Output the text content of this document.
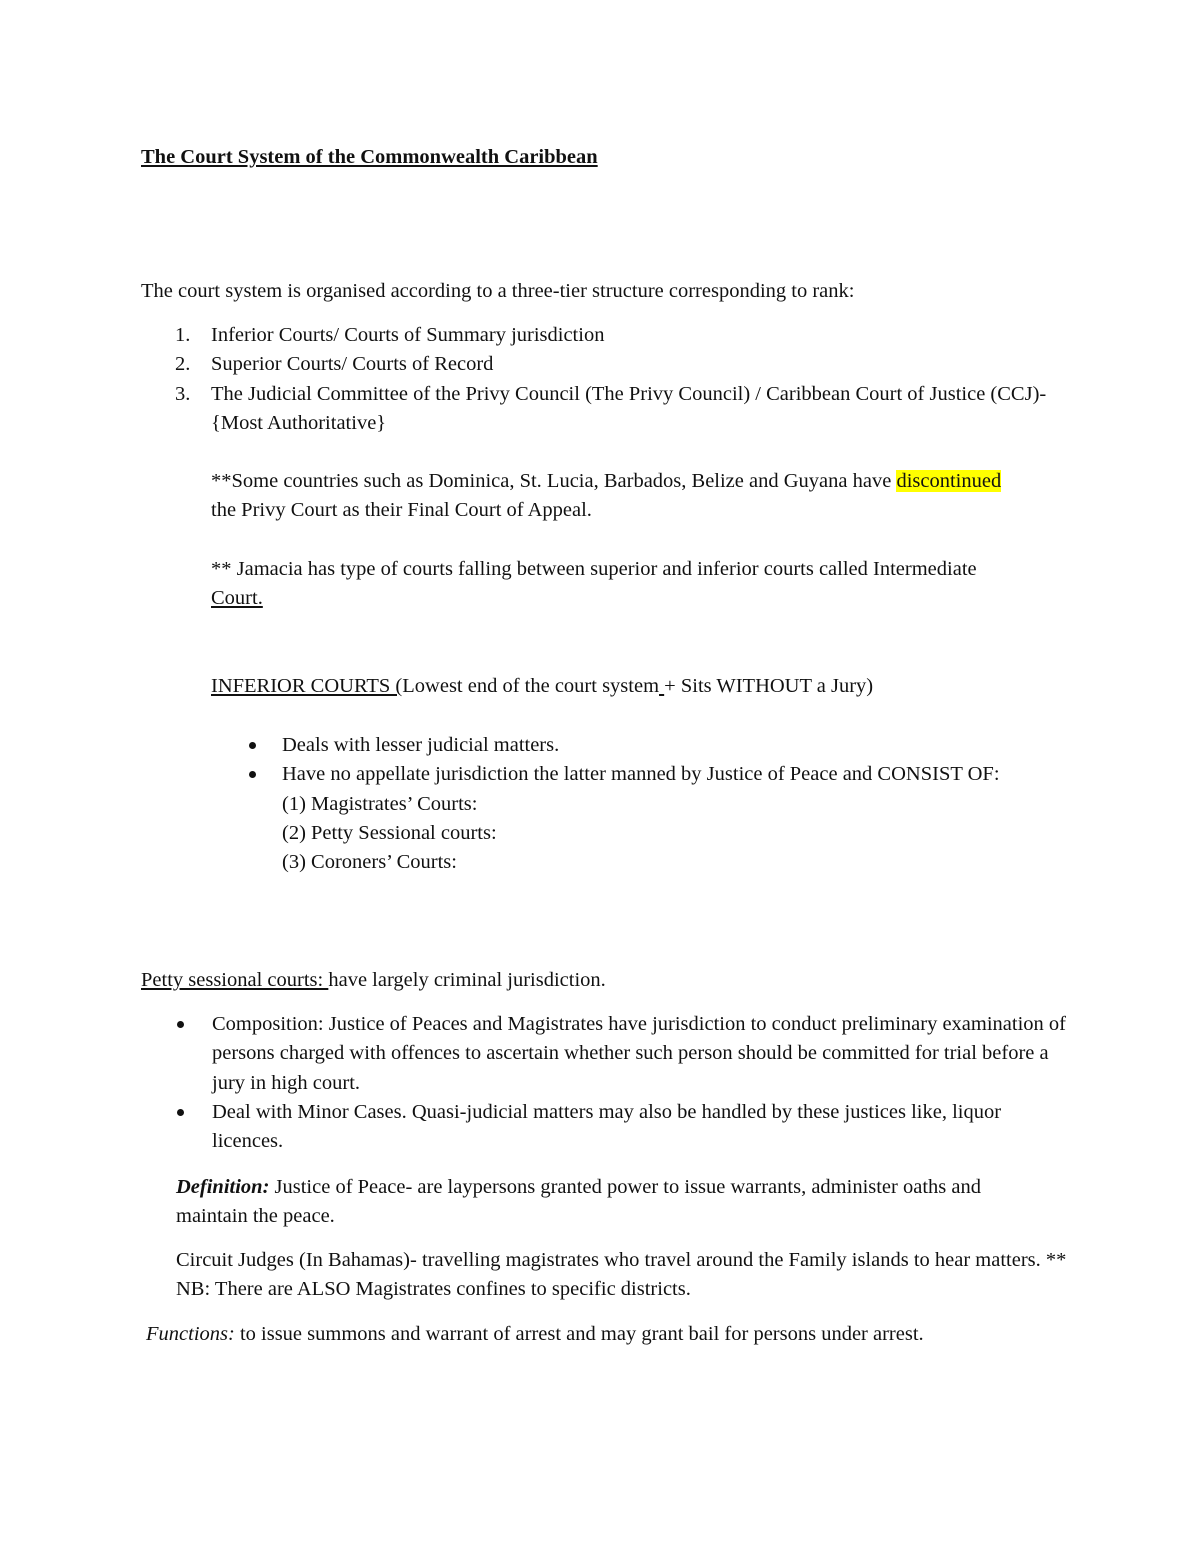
The Court System of the Commonwealth Caribbean

The court system is organised according to a three-tier structure corresponding to rank:

1. Inferior Courts/ Courts of Summary jurisdiction
2. Superior Courts/ Courts of Record
3. The Judicial Committee of the Privy Council (The Privy Council) / Caribbean Court of Justice (CCJ)- {Most Authoritative}

**Some countries such as Dominica, St. Lucia, Barbados, Belize and Guyana have discontinued the Privy Court as their Final Court of Appeal.

** Jamacia has type of courts falling between superior and inferior courts called Intermediate Court.

INFERIOR COURTS (Lowest end of the court system + Sits WITHOUT a Jury)

Deals with lesser judicial matters.
Have no appellate jurisdiction the latter manned by Justice of Peace and CONSIST OF:

(1) Magistrates’ Courts:

(2) Petty Sessional courts:

(3) Coroners’ Courts:

Petty sessional courts: have largely criminal jurisdiction.

Composition: Justice of Peaces and Magistrates have jurisdiction to conduct preliminary examination of persons charged with offences to ascertain whether such person should be committed for trial before a jury in high court.
Deal with Minor Cases. Quasi-judicial matters may also be handled by these justices like, liquor licences.

Definition: Justice of Peace- are laypersons granted power to issue warrants, administer oaths and maintain the peace.

Circuit Judges (In Bahamas)- travelling magistrates who travel around the Family islands to hear matters. ** NB: There are ALSO Magistrates confines to specific districts.

Functions: to issue summons and warrant of arrest and may grant bail for persons under arrest.
